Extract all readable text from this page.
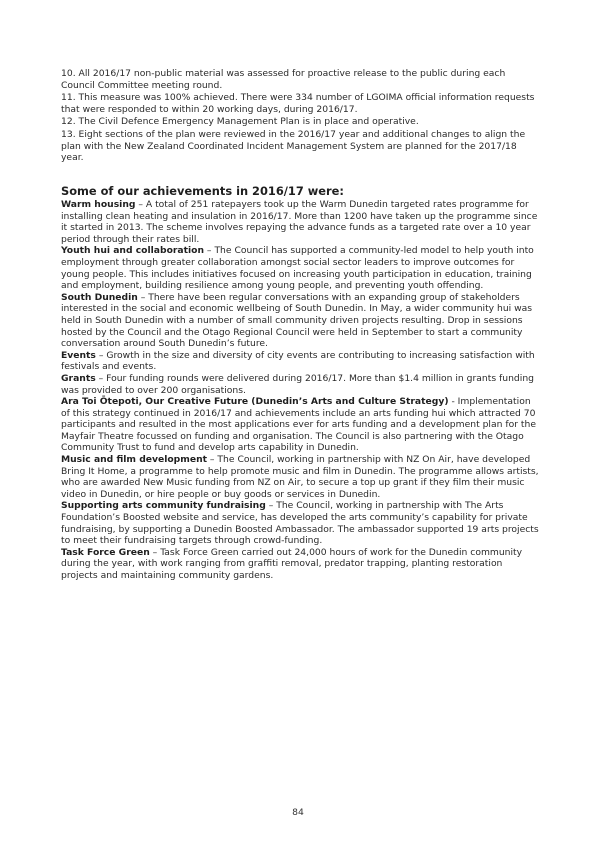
10. All 2016/17 non-public material was assessed for proactive release to the public during each Council Committee meeting round.

11. This measure was 100% achieved. There were 334 number of LGOIMA official information requests that were responded to within 20 working days, during 2016/17.

12. The Civil Defence Emergency Management Plan is in place and operative.

13. Eight sections of the plan were reviewed in the 2016/17 year and additional changes to align the plan with the New Zealand Coordinated Incident Management System are planned for the 2017/18 year.

Some of our achievements in 2016/17 were:

Warm housing – A total of 251 ratepayers took up the Warm Dunedin targeted rates programme for installing clean heating and insulation in 2016/17. More than 1200 have taken up the programme since it started in 2013. The scheme involves repaying the advance funds as a targeted rate over a 10 year period through their rates bill.

Youth hui and collaboration – The Council has supported a community-led model to help youth into employment through greater collaboration amongst social sector leaders to improve outcomes for young people. This includes initiatives focused on increasing youth participation in education, training and employment, building resilience among young people, and preventing youth offending.

South Dunedin – There have been regular conversations with an expanding group of stakeholders interested in the social and economic wellbeing of South Dunedin. In May, a wider community hui was held in South Dunedin with a number of small community driven projects resulting. Drop in sessions hosted by the Council and the Otago Regional Council were held in September to start a community conversation around South Dunedin’s future.

Events – Growth in the size and diversity of city events are contributing to increasing satisfaction with festivals and events.

Grants – Four funding rounds were delivered during 2016/17. More than $1.4 million in grants funding was provided to over 200 organisations.

Ara Toi Ōtepoti, Our Creative Future (Dunedin’s Arts and Culture Strategy) - Implementation of this strategy continued in 2016/17 and achievements include an arts funding hui which attracted 70 participants and resulted in the most applications ever for arts funding and a development plan for the Mayfair Theatre focussed on funding and organisation. The Council is also partnering with the Otago Community Trust to fund and develop arts capability in Dunedin.

Music and film development – The Council, working in partnership with NZ On Air, have developed Bring It Home, a programme to help promote music and film in Dunedin. The programme allows artists, who are awarded New Music funding from NZ on Air, to secure a top up grant if they film their music video in Dunedin, or hire people or buy goods or services in Dunedin.

Supporting arts community fundraising – The Council, working in partnership with The Arts Foundation’s Boosted website and service, has developed the arts community’s capability for private fundraising, by supporting a Dunedin Boosted Ambassador. The ambassador supported 19 arts projects to meet their fundraising targets through crowd-funding.

Task Force Green – Task Force Green carried out 24,000 hours of work for the Dunedin community during the year, with work ranging from graffiti removal, predator trapping, planting restoration projects and maintaining community gardens.

84
